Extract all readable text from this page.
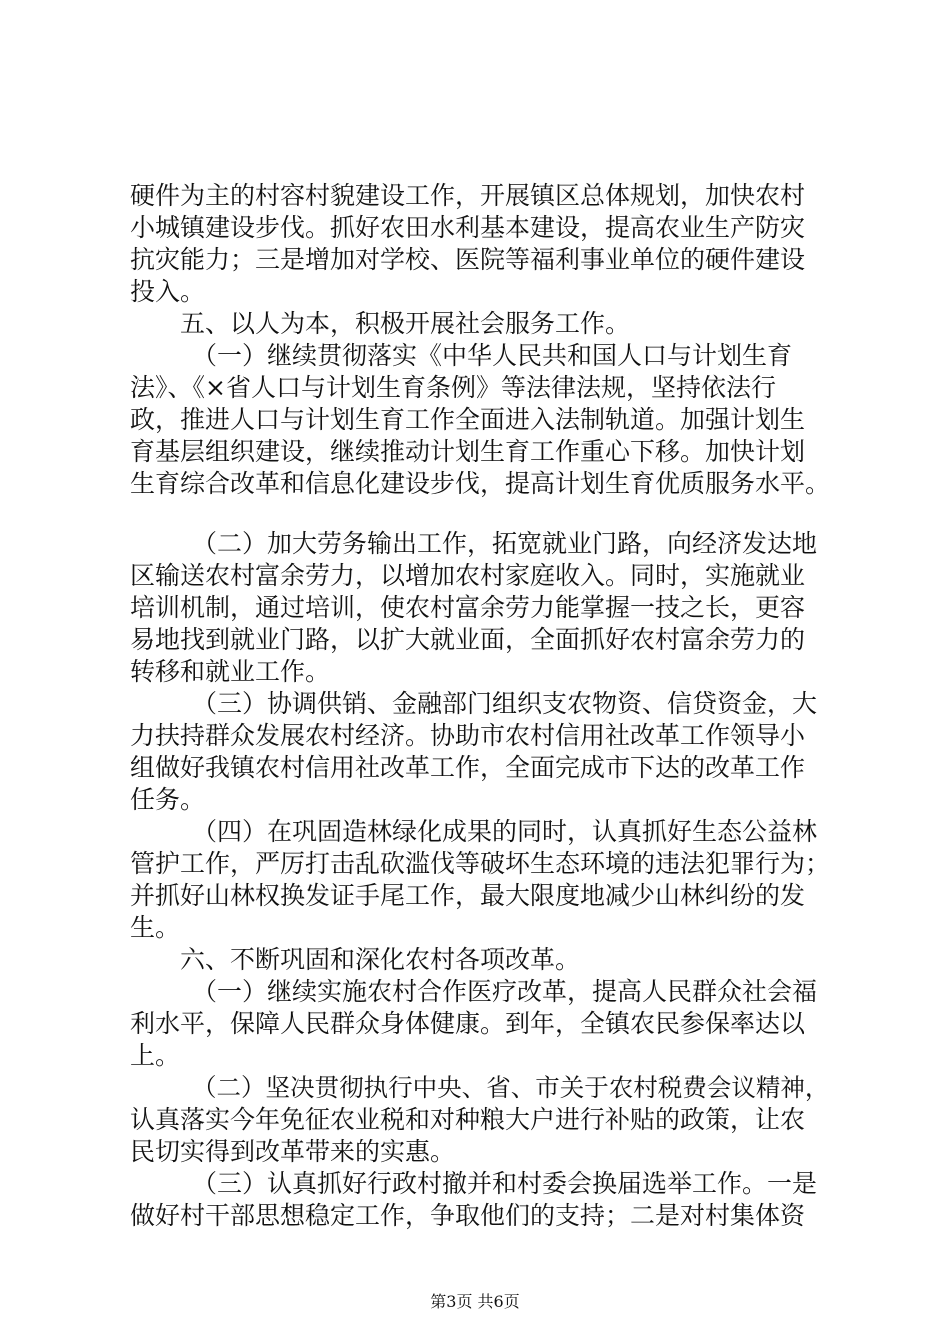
硬件为主的村容村貌建设工作，开展镇区总体规划，加快农村
小城镇建设步伐。抓好农田水利基本建设，提高农业生产防灾
抗灾能力；三是增加对学校、医院等福利事业单位的硬件建设
投入。
五、以人为本，积极开展社会服务工作。
（一）继续贯彻落实《中华人民共和国人口与计划生育
法》、《×省人口与计划生育条例》等法律法规，坚持依法行
政，推进人口与计划生育工作全面进入法制轨道。加强计划生
育基层组织建设，继续推动计划生育工作重心下移。加快计划
生育综合改革和信息化建设步伐，提高计划生育优质服务水平。
（二）加大劳务输出工作，拓宽就业门路，向经济发达地
区输送农村富余劳力，以增加农村家庭收入。同时，实施就业
培训机制，通过培训，使农村富余劳力能掌握一技之长，更容
易地找到就业门路，以扩大就业面，全面抓好农村富余劳力的
转移和就业工作。
（三）协调供销、金融部门组织支农物资、信贷资金，大
力扶持群众发展农村经济。协助市农村信用社改革工作领导小
组做好我镇农村信用社改革工作，全面完成市下达的改革工作
任务。
（四）在巩固造林绿化成果的同时，认真抓好生态公益林
管护工作，严厉打击乱砍滥伐等破坏生态环境的违法犯罪行为；
并抓好山林权换发证手尾工作，最大限度地减少山林纠纷的发
生。
六、不断巩固和深化农村各项改革。
（一）继续实施农村合作医疗改革，提高人民群众社会福
利水平，保障人民群众身体健康。到年，全镇农民参保率达以
上。
（二）坚决贯彻执行中央、省、市关于农村税费会议精神，
认真落实今年免征农业税和对种粮大户进行补贴的政策，让农
民切实得到改革带来的实惠。
（三）认真抓好行政村撤并和村委会换届选举工作。一是
做好村干部思想稳定工作，争取他们的支持；二是对村集体资
第3页 共6页
